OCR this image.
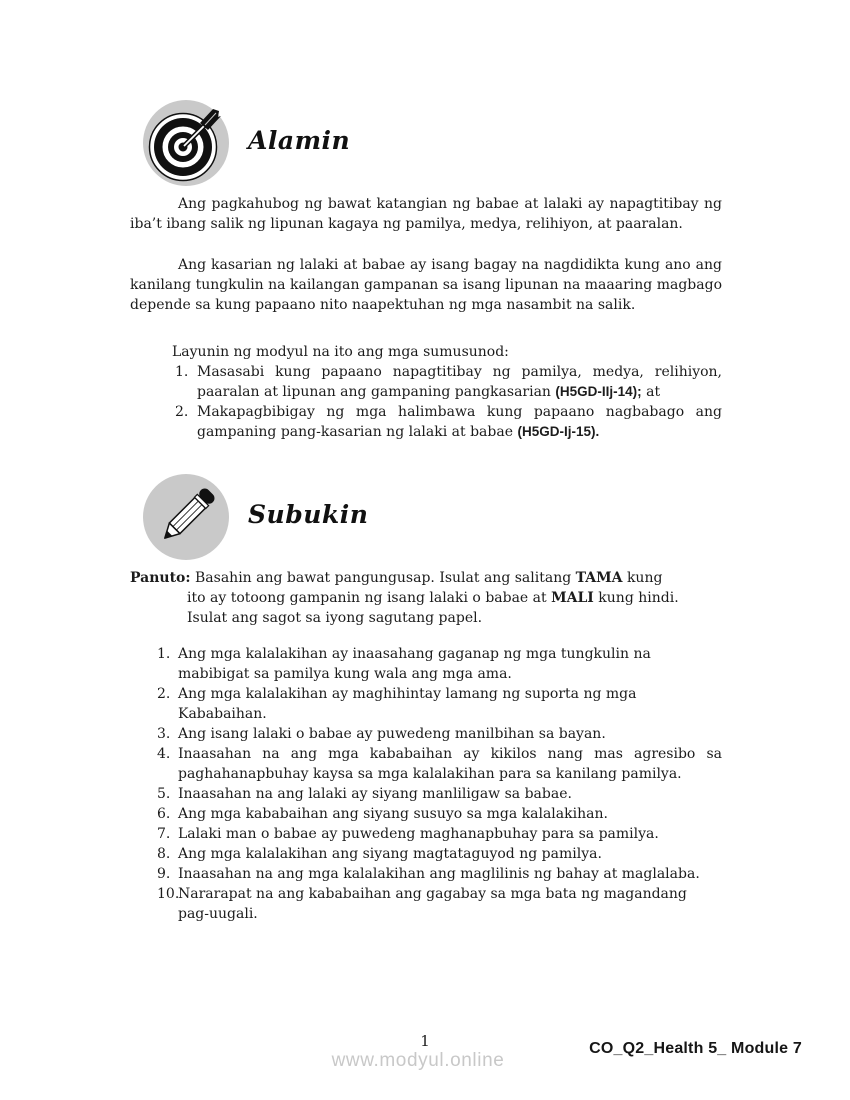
Alamin

Ang pagkahubog ng bawat katangian ng babae at lalaki ay napagtitibay ng iba’t ibang salik ng lipunan kagaya ng pamilya, medya, relihiyon, at paaralan.

Ang kasarian ng lalaki at babae ay isang bagay na nagdidikta kung ano ang kanilang tungkulin na kailangan gampanan sa isang lipunan na maaaring magbago depende sa kung papaano nito naapektuhan ng mga nasambit na salik.

Layunin ng modyul na ito ang mga sumusunod:
Masasabi kung papaano napagtitibay ng pamilya, medya, relihiyon, paaralan at lipunan ang gampaning pangkasarian (H5GD-IIj-14); at
Makapagbibigay ng mga halimbawa kung papaano nagbabago ang gampaning pang-kasarian ng lalaki at babae (H5GD-Ij-15).
Subukin
Panuto: Basahin ang bawat pangungusap. Isulat ang salitang TAMA kung
ito ay totoong gampanin ng isang lalaki o babae at MALI kung hindi.
Isulat ang sagot sa iyong sagutang papel.
Ang mga kalalakihan ay inaasahang gaganap ng mga tungkulin na mabibigat sa pamilya kung wala ang mga ama.
Ang mga kalalakihan ay maghihintay lamang ng suporta ng mga Kababaihan.
Ang isang lalaki o babae ay puwedeng manilbihan sa bayan.
Inaasahan na ang mga kababaihan ay kikilos nang mas agresibo sa paghahanapbuhay kaysa sa mga kalalakihan para sa kanilang pamilya.
Inaasahan na ang lalaki ay siyang manliligaw sa babae.
Ang mga kababaihan ang siyang susuyo sa mga kalalakihan.
Lalaki man o babae ay puwedeng maghanapbuhay para sa pamilya.
Ang mga kalalakihan ang siyang magtataguyod ng pamilya.
Inaasahan na ang mga kalalakihan ang maglilinis ng bahay at maglalaba.
Nararapat na ang kababaihan ang gagabay sa mga bata ng magandang pag-uugali.
1
www.modyul.online
CO_Q2_Health 5_ Module 7
